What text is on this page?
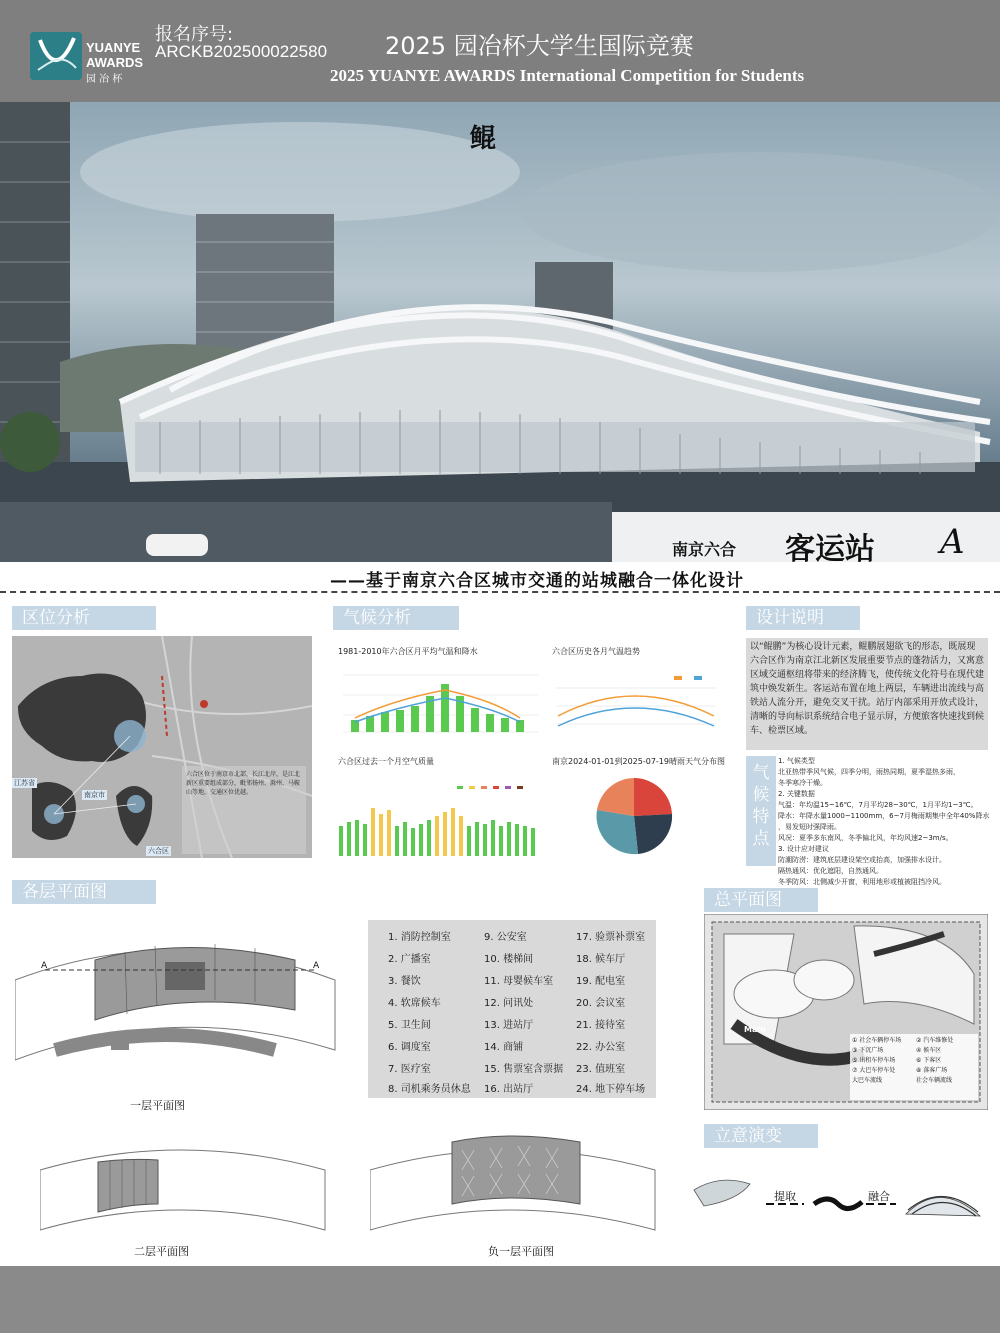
YUANYE
AWARDS
园 冶 杯
报名序号:
ARCKB202500022580 2025 园冶杯大学生国际竞赛
2025 YUANYE AWARDS International Competition for Students
鲲
南京六合 客运站 A
——基于南京六合区城市交通的站城融合一体化设计
区位分析	气候分析	设计说明
各层平面图	总平面图
立意演变
江苏省
南京市
六合区
六合区位于南京市北部，长江北岸，是江北新区重要组成部分，毗邻扬州、滁州、马鞍山等地，交通区位优越。
1981-2010年六合区月平均气温和降水	六合区历史各月气温趋势
六合区过去一个月空气质量	南京2024-01-01到2025-07-19晴雨天气分布图
以“鲲鹏”为核心设计元素，鲲鹏展翅欲飞的形态，既展现六合区作为南京江北新区发展重要节点的蓬勃活力，又寓意区域交通枢纽将带来的经济腾飞，使传统文化符号在现代建筑中焕发新生。客运站布置在地上两层，车辆进出流线与高铁站人流分开，避免交叉干扰。站厅内部采用开放式设计，清晰的导向标识系统结合电子显示屏，方便旅客快速找到候车、检票区域。
气候特点
1. 气候类型
北亚热带季风气候，四季分明，雨热同期，夏季湿热多雨，
冬季寒冷干燥。
2. 关键数据
气温：年均温15~16℃，7月平均28~30℃，1月平均1~3℃。
降水：年降水量1000~1100mm，6~7月梅雨期集中全年40%降水
，易发短时强降雨。
风况：夏季多东南风，冬季偏北风，年均风速2~3m/s。
3. 设计应对建议
防潮防涝：建筑底层建设架空或抬高，加强排水设计。
隔热通风：优化遮阳，自然通风。
冬季防风：北侧减少开窗，利用地形或植被阻挡冷风。
A	A
一层平面图
二层平面图	负一层平面图
1. 消防控制室
2. 广播室
3. 餐饮
4. 软席候车
5. 卫生间
6. 调度室
7. 医疗室
8. 司机乘务员休息
9. 公安室
10. 楼梯间
11. 母婴候车室
12. 问讯处
13. 进站厅
14. 商铺
15. 售票室含票据
16. 出站厅
17. 验票补票室
18. 候车厅
19. 配电室
20. 会议室
21. 接待室
22. 办公室
23. 值班室
24. 地下停车场
Main
① 社会车辆停车场 ② 汽车维修处
③ 下沉广场	④ 候车区
⑤ 出租车停车场	⑥ 下客区
⑦ 大巴车停车处	⑧ 落客广场
大巴车流线	社会车辆流线
提取	融合
